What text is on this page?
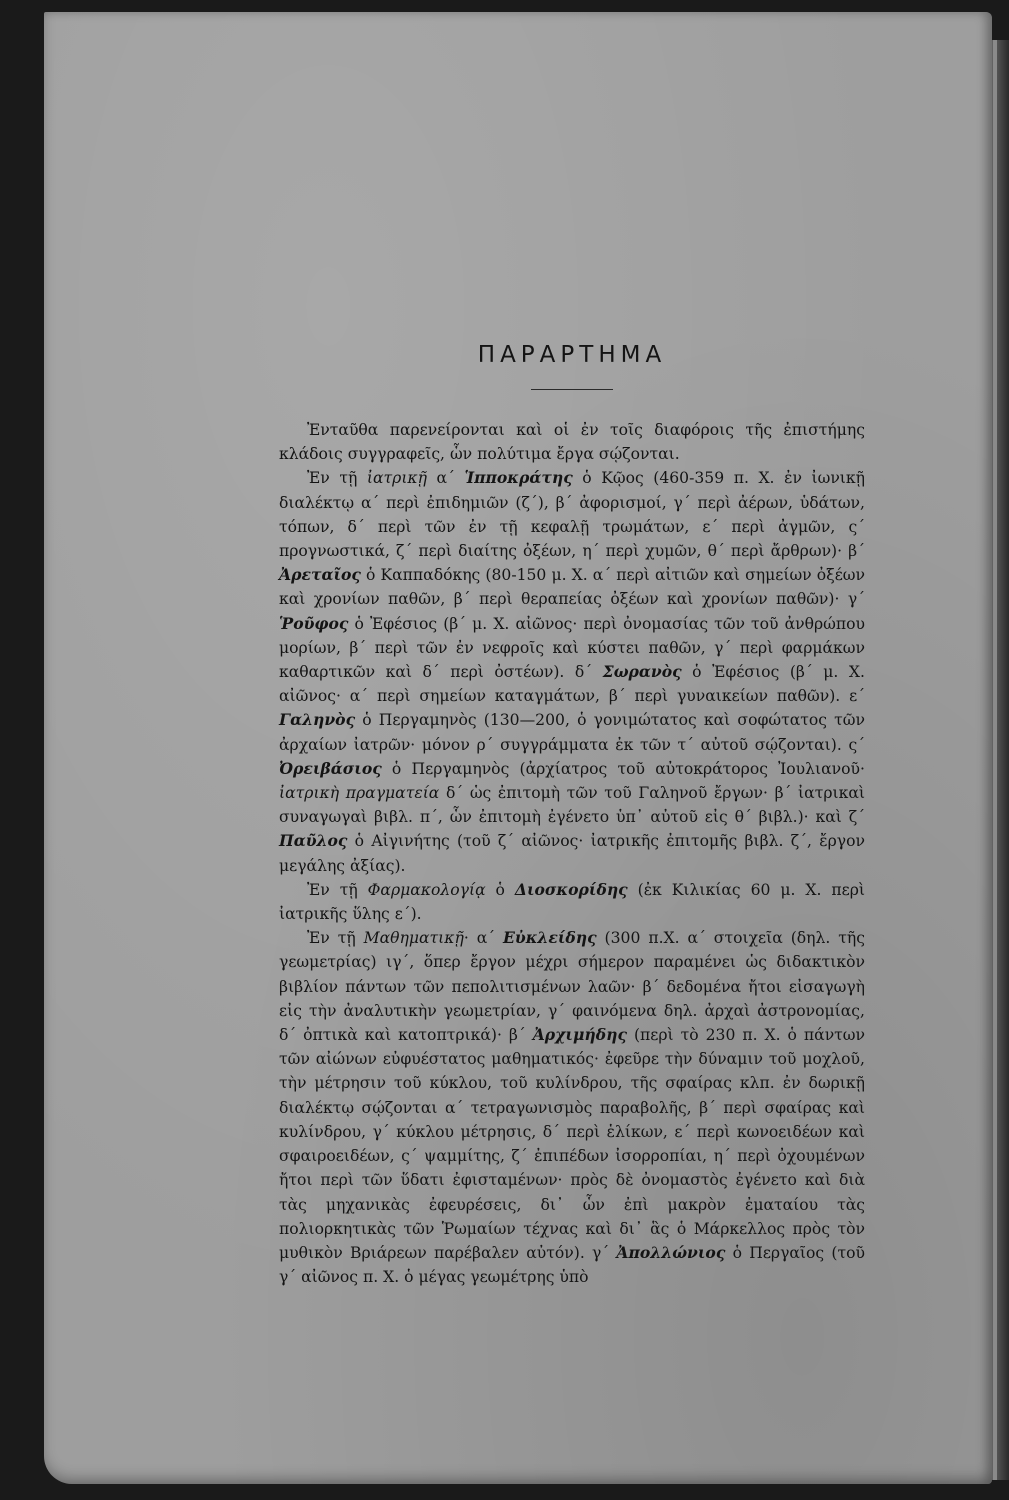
ΠΑΡΑΡΤΗΜΑ

Ἐνταῦθα παρενείρονται καὶ οἱ ἐν τοῖς διαφόροις τῆς ἐπιστήμης κλάδοις συγγραφεῖς, ὧν πολύτιμα ἔργα σῴζονται.

Ἐν τῇ ἰατρικῇ α΄ Ἱπποκράτης ὁ Κῷος (460-359 π. Χ. ἐν ἰωνικῇ διαλέκτῳ α΄ περὶ ἐπιδημιῶν (ζ΄), β΄ ἀφορισμοί, γ΄ περὶ ἀέρων, ὑδάτων, τόπων, δ΄ περὶ τῶν ἐν τῇ κεφαλῇ τρωμάτων, ε΄ περὶ ἀγμῶν, ς΄ προγνωστικά, ζ΄ περὶ διαίτης ὀξέων, η΄ περὶ χυμῶν, θ΄ περὶ ἄρθρων)· β΄ Ἀρεταῖος ὁ Καππαδόκης (80-150 μ. Χ. α΄ περὶ αἰτιῶν καὶ σημείων ὀξέων καὶ χρονίων παθῶν, β΄ περὶ θεραπείας ὀξέων καὶ χρονίων παθῶν)· γ΄ Ῥοῦφος ὁ Ἐφέσιος (β΄ μ. Χ. αἰῶνος· περὶ ὀνομασίας τῶν τοῦ ἀνθρώπου μορίων, β΄ περὶ τῶν ἐν νεφροῖς καὶ κύστει παθῶν, γ΄ περὶ φαρμάκων καθαρτικῶν καὶ δ΄ περὶ ὀστέων). δ΄ Σωρανὸς ὁ Ἐφέσιος (β΄ μ. Χ. αἰῶνος· α΄ περὶ σημείων καταγμάτων, β΄ περὶ γυναικείων παθῶν). ε΄ Γαληνὸς ὁ Περγαμηνὸς (130—200, ὁ γονιμώτατος καὶ σοφώτατος τῶν ἀρχαίων ἰατρῶν· μόνον ρ΄ συγγράμματα ἐκ τῶν τ΄ αὐτοῦ σῴζονται). ς΄ Ὀρειβάσιος ὁ Περγαμηνὸς (ἀρχίατρος τοῦ αὐτοκράτορος Ἰουλιανοῦ· ἰατρικὴ πραγματεία δ΄ ὡς ἐπιτομὴ τῶν τοῦ Γαληνοῦ ἔργων· β΄ ἰατρικαὶ συναγωγαὶ βιβλ. π΄, ὧν ἐπιτομὴ ἐγένετο ὑπ᾿ αὐτοῦ εἰς θ΄ βιβλ.)· καὶ ζ΄ Παῦλος ὁ Αἰγινήτης (τοῦ ζ΄ αἰῶνος· ἰατρικῆς ἐπιτομῆς βιβλ. ζ΄, ἔργον μεγάλης ἀξίας).

Ἐν τῇ Φαρμακολογίᾳ ὁ Διοσκορίδης (ἐκ Κιλικίας 60 μ. Χ. περὶ ἰατρικῆς ὕλης ε΄).

Ἐν τῇ Μαθηματικῇ· α΄ Εὐκλείδης (300 π.Χ. α΄ στοιχεῖα (δηλ. τῆς γεωμετρίας) ιγ΄, ὅπερ ἔργον μέχρι σήμερον παραμένει ὡς διδακτικὸν βιβλίον πάντων τῶν πεπολιτισμένων λαῶν· β΄ δεδομένα ἤτοι εἰσαγωγὴ εἰς τὴν ἀναλυτικὴν γεωμετρίαν, γ΄ φαινόμενα δηλ. ἀρχαὶ ἀστρονομίας, δ΄ ὀπτικὰ καὶ κατοπτρικά)· β΄ Ἀρχιμήδης (περὶ τὸ 230 π. Χ. ὁ πάντων τῶν αἰώνων εὐφυέστατος μαθηματικός· ἐφεῦρε τὴν δύναμιν τοῦ μοχλοῦ, τὴν μέτρησιν τοῦ κύκλου, τοῦ κυλίνδρου, τῆς σφαίρας κλπ. ἐν δωρικῇ διαλέκτῳ σῴζονται α΄ τετραγωνισμὸς παραβολῆς, β΄ περὶ σφαίρας καὶ κυλίνδρου, γ΄ κύκλου μέτρησις, δ΄ περὶ ἑλίκων, ε΄ περὶ κωνοειδέων καὶ σφαιροειδέων, ς΄ ψαμμίτης, ζ΄ ἐπιπέδων ἰσορροπίαι, η΄ περὶ ὀχουμένων ἤτοι περὶ τῶν ὕδατι ἐφισταμένων· πρὸς δὲ ὀνομαστὸς ἐγένετο καὶ διὰ τὰς μηχανικὰς ἐφευρέσεις, δι᾿ ὧν ἐπὶ μακρὸν ἐματαίου τὰς πολιορκητικὰς τῶν Ῥωμαίων τέχνας καὶ δι᾿ ἃς ὁ Μάρκελλος πρὸς τὸν μυθικὸν Βριάρεων παρέβαλεν αὐτόν). γ΄ Ἀπολλώνιος ὁ Περγαῖος (τοῦ γ΄ αἰῶνος π. Χ. ὁ μέγας γεωμέτρης ὑπὸ
